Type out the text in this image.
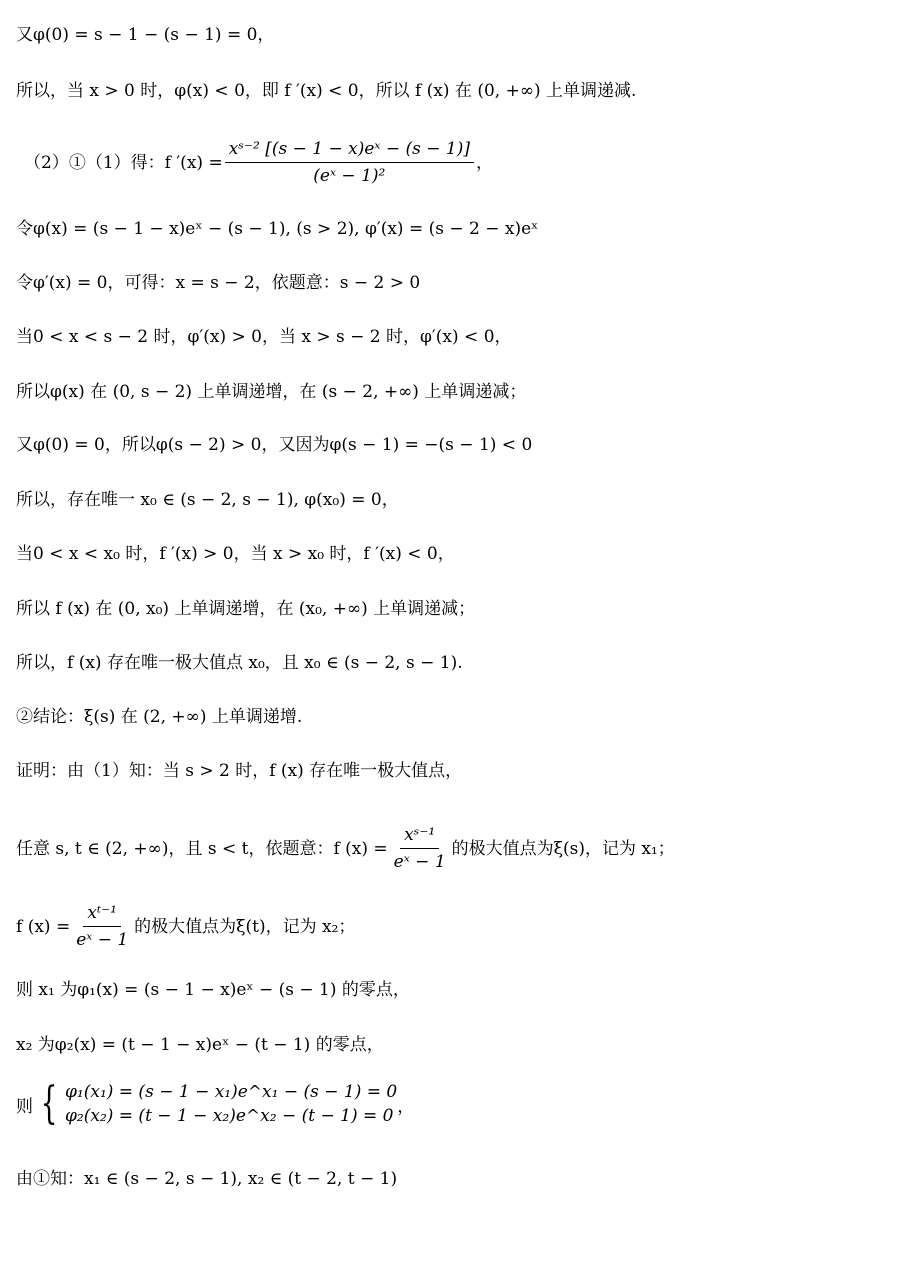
又φ(0) = s − 1 − (s − 1) = 0，
所以，当 x > 0 时，φ(x) < 0，即 f ′(x) < 0，所以 f (x) 在 (0, +∞) 上单调递减.
（2）①（1）得：f $'(x) = \frac{\text{xˢ⁻² [(s − 1 − x)eˣ − (s − 1)]}}{\text{(eˣ − 1)²}}$ ，
令φ(x) = (s − 1 − x)eˣ − (s − 1), (s > 2), φ′(x) = (s − 2 − x)eˣ
令φ′(x) = 0，可得：x = s − 2，依题意：s − 2 > 0
当0 < x < s − 2 时，φ′(x) > 0，当 x > s − 2 时，φ′(x) < 0，
所以φ(x) 在 (0, s − 2) 上单调递增，在 (s − 2, +∞) 上单调递减；
又φ(0) = 0，所以φ(s − 2) > 0，又因为φ(s − 1) = −(s − 1) < 0
所以，存在唯一 x₀ ∈ (s − 2, s − 1), φ(x₀) = 0，
当0 < x < x₀ 时，f ′(x) > 0，当 x > x₀ 时，f ′(x) < 0，
所以 f (x) 在 (0, x₀) 上单调递增，在 (x₀, +∞) 上单调递减；
所以，f (x) 存在唯一极大值点 x₀，且 x₀ ∈ (s − 2, s − 1).
②结论：ξ(s) 在 (2, +∞) 上单调递增.
证明：由（1）知：当 s > 2 时，f (x) 存在唯一极大值点，
任意 s, t ∈ (2, +∞)，且 s < t，依题意：f $(x) = \frac{\text{xˢ⁻¹}}{\text{eˣ − 1}}$ 的极大值点为ξ(s)，记为 x₁；
f $(x) = \frac{\text{xᵗ⁻¹}}{\text{eˣ − 1}}$ 的极大值点为ξ(t)，记为 x₂；
则 x₁ 为φ₁(x) = (s − 1 − x)eˣ − (s − 1) 的零点，
x₂ 为φ₂(x) = (t − 1 − x)eˣ − (t − 1) 的零点，
则 { φ₁(x₁) = (s − 1 − x₁)e^x₁ − (s − 1) = 0
φ₂(x₂) = (t − 1 − x₂)e^x₂ − (t − 1) = 0 ，
由①知：x₁ ∈ (s − 2, s − 1), x₂ ∈ (t − 2, t − 1)
